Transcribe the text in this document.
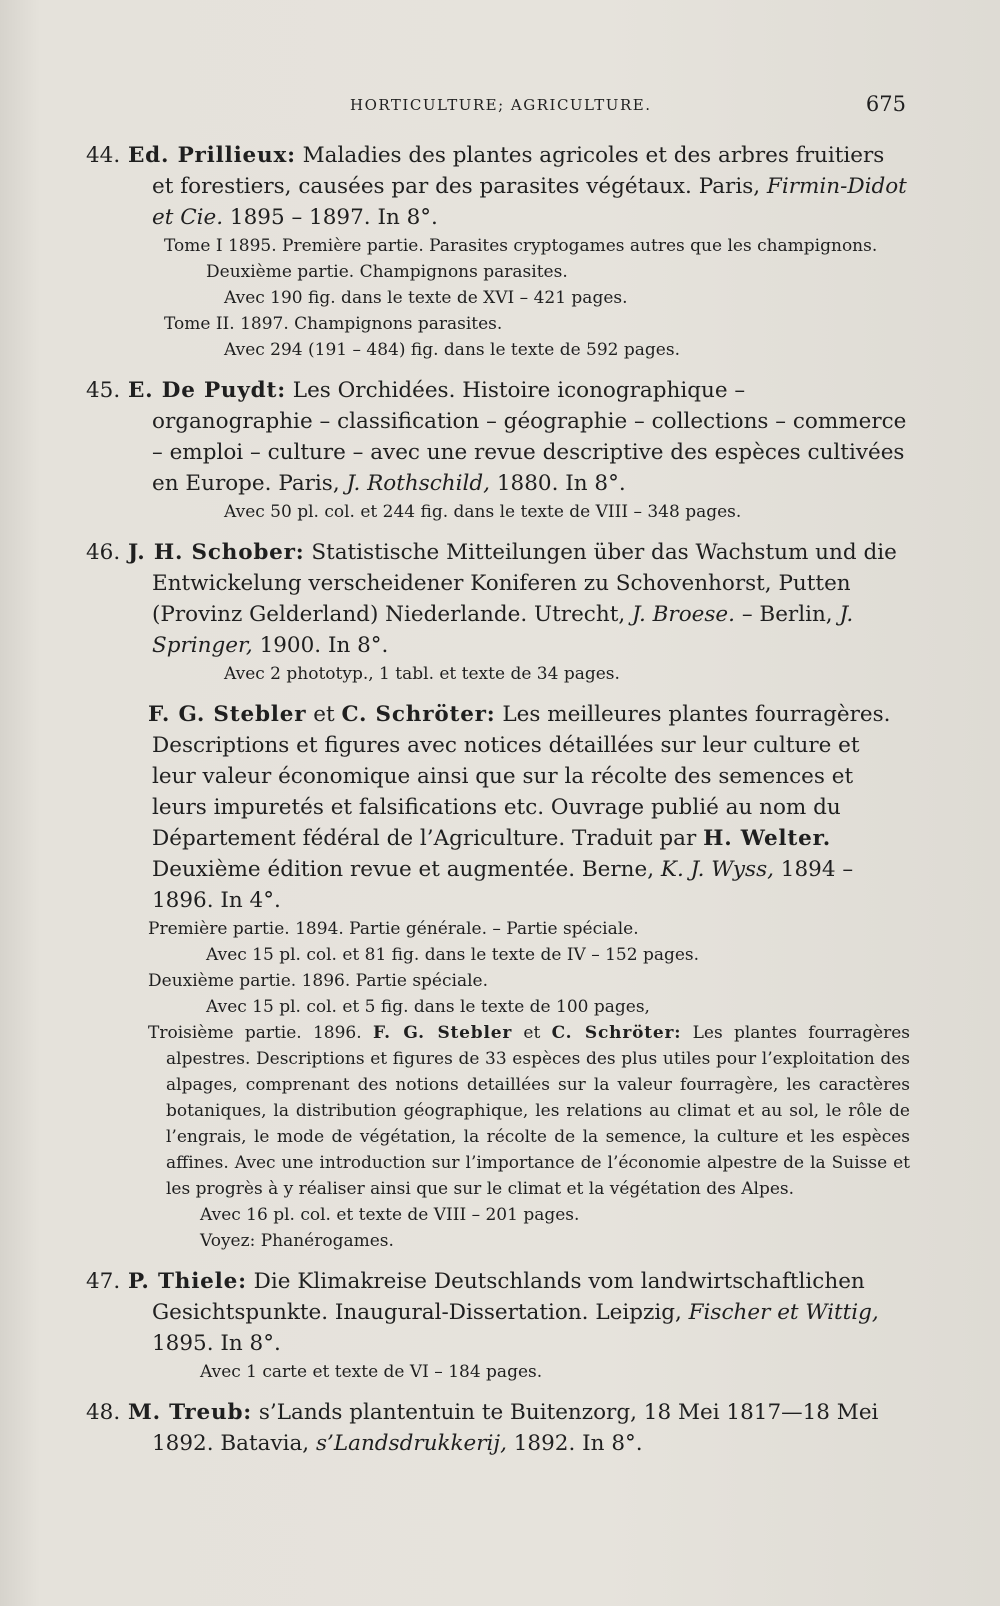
HORTICULTURE; AGRICULTURE.	675

44. Ed. Prillieux: Maladies des plantes agricoles et des arbres fruitiers et forestiers, causées par des parasites végétaux. Paris, Firmin-Didot et Cie. 1895 – 1897. In 8°.

Tome I 1895. Première partie. Parasites cryptogames autres que les champignons. Deuxième partie. Champignons parasites.

Avec 190 fig. dans le texte de XVI – 421 pages.

Tome II. 1897. Champignons parasites.

Avec 294 (191 – 484) fig. dans le texte de 592 pages.

45. E. De Puydt: Les Orchidées. Histoire iconographique – organographie – classification – géographie – collections – commerce – emploi – culture – avec une revue descriptive des espèces cultivées en Europe. Paris, J. Rothschild, 1880. In 8°.

Avec 50 pl. col. et 244 fig. dans le texte de VIII – 348 pages.

46. J. H. Schober: Statistische Mitteilungen über das Wachstum und die Entwickelung verscheidener Koniferen zu Schovenhorst, Putten (Provinz Gelderland) Niederlande. Utrecht, J. Broese. – Berlin, J. Springer, 1900. In 8°.

Avec 2 phototyp., 1 tabl. et texte de 34 pages.

F. G. Stebler et C. Schröter: Les meilleures plantes fourragères. Descriptions et figures avec notices détaillées sur leur culture et leur valeur économique ainsi que sur la récolte des semences et leurs impuretés et falsifications etc. Ouvrage publié au nom du Département fédéral de l’Agriculture. Traduit par H. Welter. Deuxième édition revue et augmentée. Berne, K. J. Wyss, 1894 – 1896. In 4°.

Première partie. 1894. Partie générale. – Partie spéciale.

Avec 15 pl. col. et 81 fig. dans le texte de IV – 152 pages.

Deuxième partie. 1896. Partie spéciale.

Avec 15 pl. col. et 5 fig. dans le texte de 100 pages,

Troisième partie. 1896. F. G. Stebler et C. Schröter: Les plantes fourragères alpestres. Descriptions et figures de 33 espèces des plus utiles pour l’exploitation des alpages, comprenant des notions detaillées sur la valeur fourragère, les caractères botaniques, la distribution géographique, les relations au climat et au sol, le rôle de l’engrais, le mode de végétation, la récolte de la semence, la culture et les espèces affines. Avec une introduction sur l’importance de l’économie alpestre de la Suisse et les progrès à y réaliser ainsi que sur le climat et la végétation des Alpes.

Avec 16 pl. col. et texte de VIII – 201 pages.

Voyez: Phanérogames.

47. P. Thiele: Die Klimakreise Deutschlands vom landwirtschaftlichen Gesichtspunkte. Inaugural-Dissertation. Leipzig, Fischer et Wittig, 1895. In 8°.

Avec 1 carte et texte de VI – 184 pages.

48. M. Treub: s’Lands plantentuin te Buitenzorg, 18 Mei 1817—18 Mei 1892. Batavia, s’Landsdrukkerij, 1892. In 8°.
